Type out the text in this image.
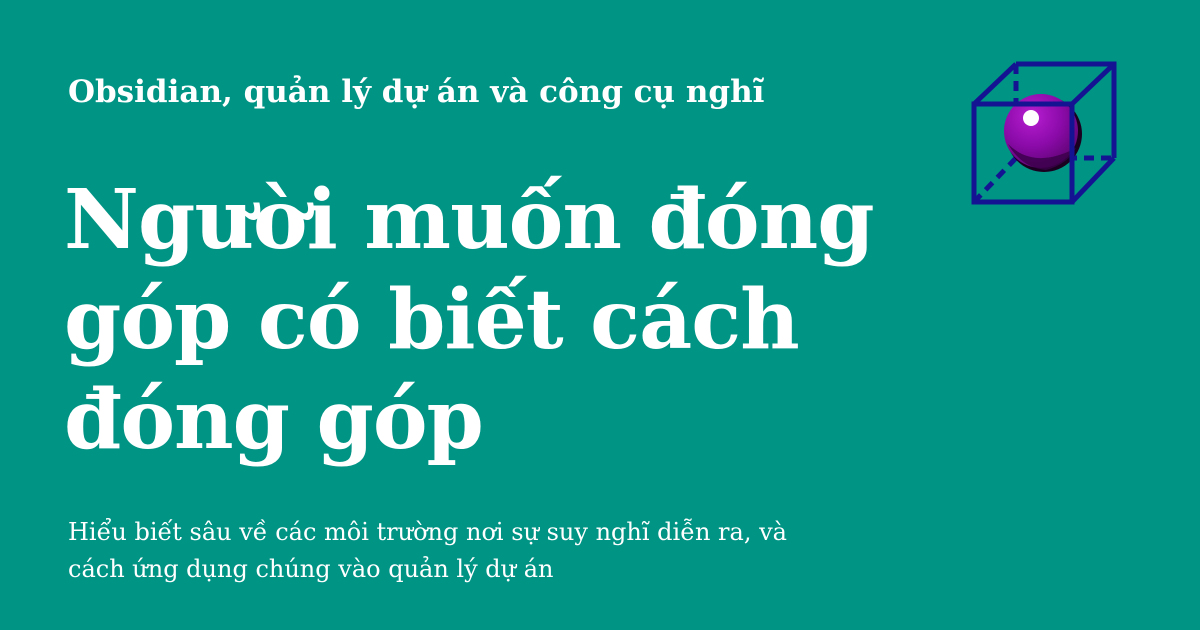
Obsidian, quản lý dự án và công cụ nghĩ
Người muốn đóng
góp có biết cách
đóng góp
Hiểu biết sâu về các môi trường nơi sự suy nghĩ diễn ra, và
cách ứng dụng chúng vào quản lý dự án
